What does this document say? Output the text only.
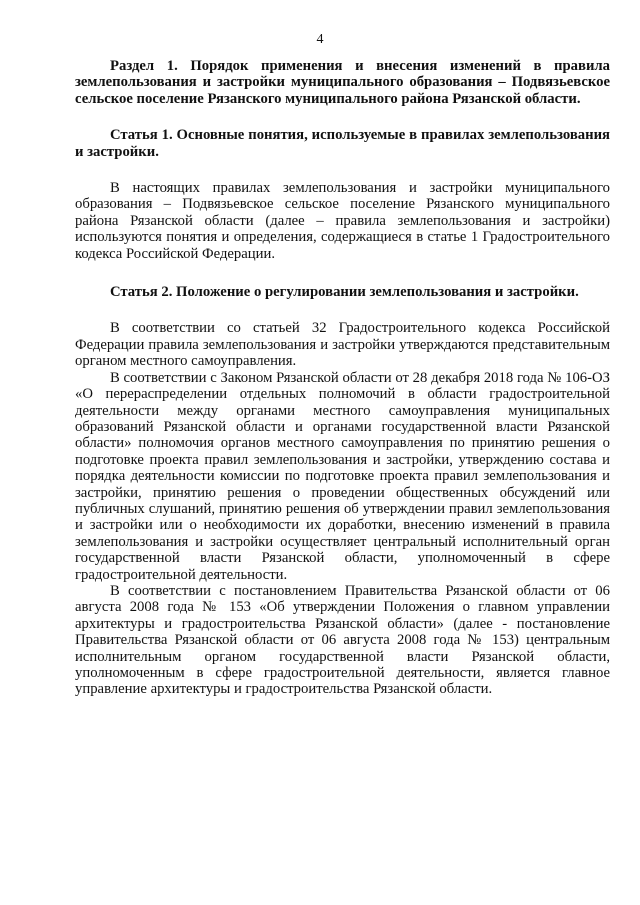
4

Раздел 1. Порядок применения и внесения изменений в правила землепользования и застройки муниципального образования – Подвязьевское сельское поселение Рязанского муниципального района Рязанской области.

Статья 1. Основные понятия, используемые в правилах землепользования и застройки.

В настоящих правилах землепользования и застройки муниципального образования – Подвязьевское сельское поселение Рязанского муниципального района Рязанской области (далее – правила землепользования и застройки) используются понятия и определения, содержащиеся в статье 1 Градостроительного кодекса Российской Федерации.

Статья 2. Положение о регулировании землепользования и застройки.

В соответствии со статьей 32 Градостроительного кодекса Российской Федерации правила землепользования и застройки утверждаются представительным органом местного самоуправления.

В соответствии с Законом Рязанской области от 28 декабря 2018 года № 106-ОЗ «О перераспределении отдельных полномочий в области градостроительной деятельности между органами местного самоуправления муниципальных образований Рязанской области и органами государственной власти Рязанской области» полномочия органов местного самоуправления по принятию решения о подготовке проекта правил землепользования и застройки, утверждению состава и порядка деятельности комиссии по подготовке проекта правил землепользования и застройки, принятию решения о проведении общественных обсуждений или публичных слушаний, принятию решения об утверждении правил землепользования и застройки или о необходимости их доработки, внесению изменений в правила землепользования и застройки осуществляет центральный исполнительный орган государственной власти Рязанской области, уполномоченный в сфере градостроительной деятельности.

В соответствии с постановлением Правительства Рязанской области от 06 августа 2008 года № 153 «Об утверждении Положения о главном управлении архитектуры и градостроительства Рязанской области» (далее - постановление Правительства Рязанской области от 06 августа 2008 года № 153) центральным исполнительным органом государственной власти Рязанской области, уполномоченным в сфере градостроительной деятельности, является главное управление архитектуры и градостроительства Рязанской области.
